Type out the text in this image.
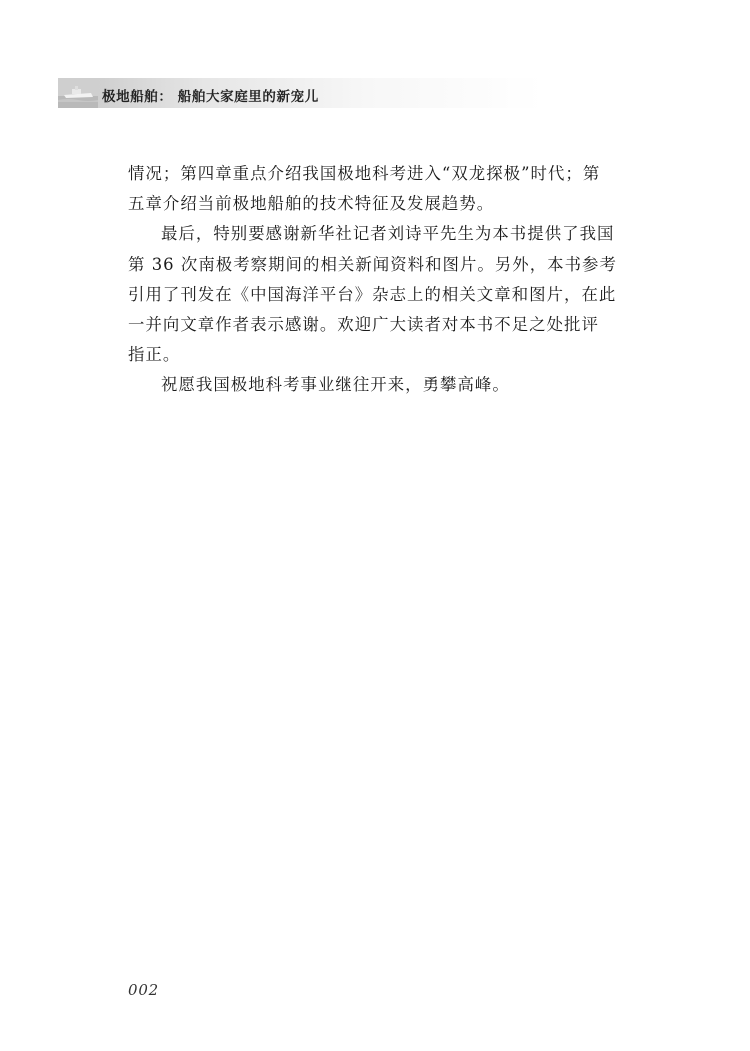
极地船舶： 船舶大家庭里的新宠儿

情况；第四章重点介绍我国极地科考进入“双龙探极”时代；第
五章介绍当前极地船舶的技术特征及发展趋势。

最后，特别要感谢新华社记者刘诗平先生为本书提供了我国
第 36 次南极考察期间的相关新闻资料和图片。另外，本书参考
引用了刊发在《中国海洋平台》杂志上的相关文章和图片，在此
一并向文章作者表示感谢。欢迎广大读者对本书不足之处批评
指正。

祝愿我国极地科考事业继往开来，勇攀高峰。

002
